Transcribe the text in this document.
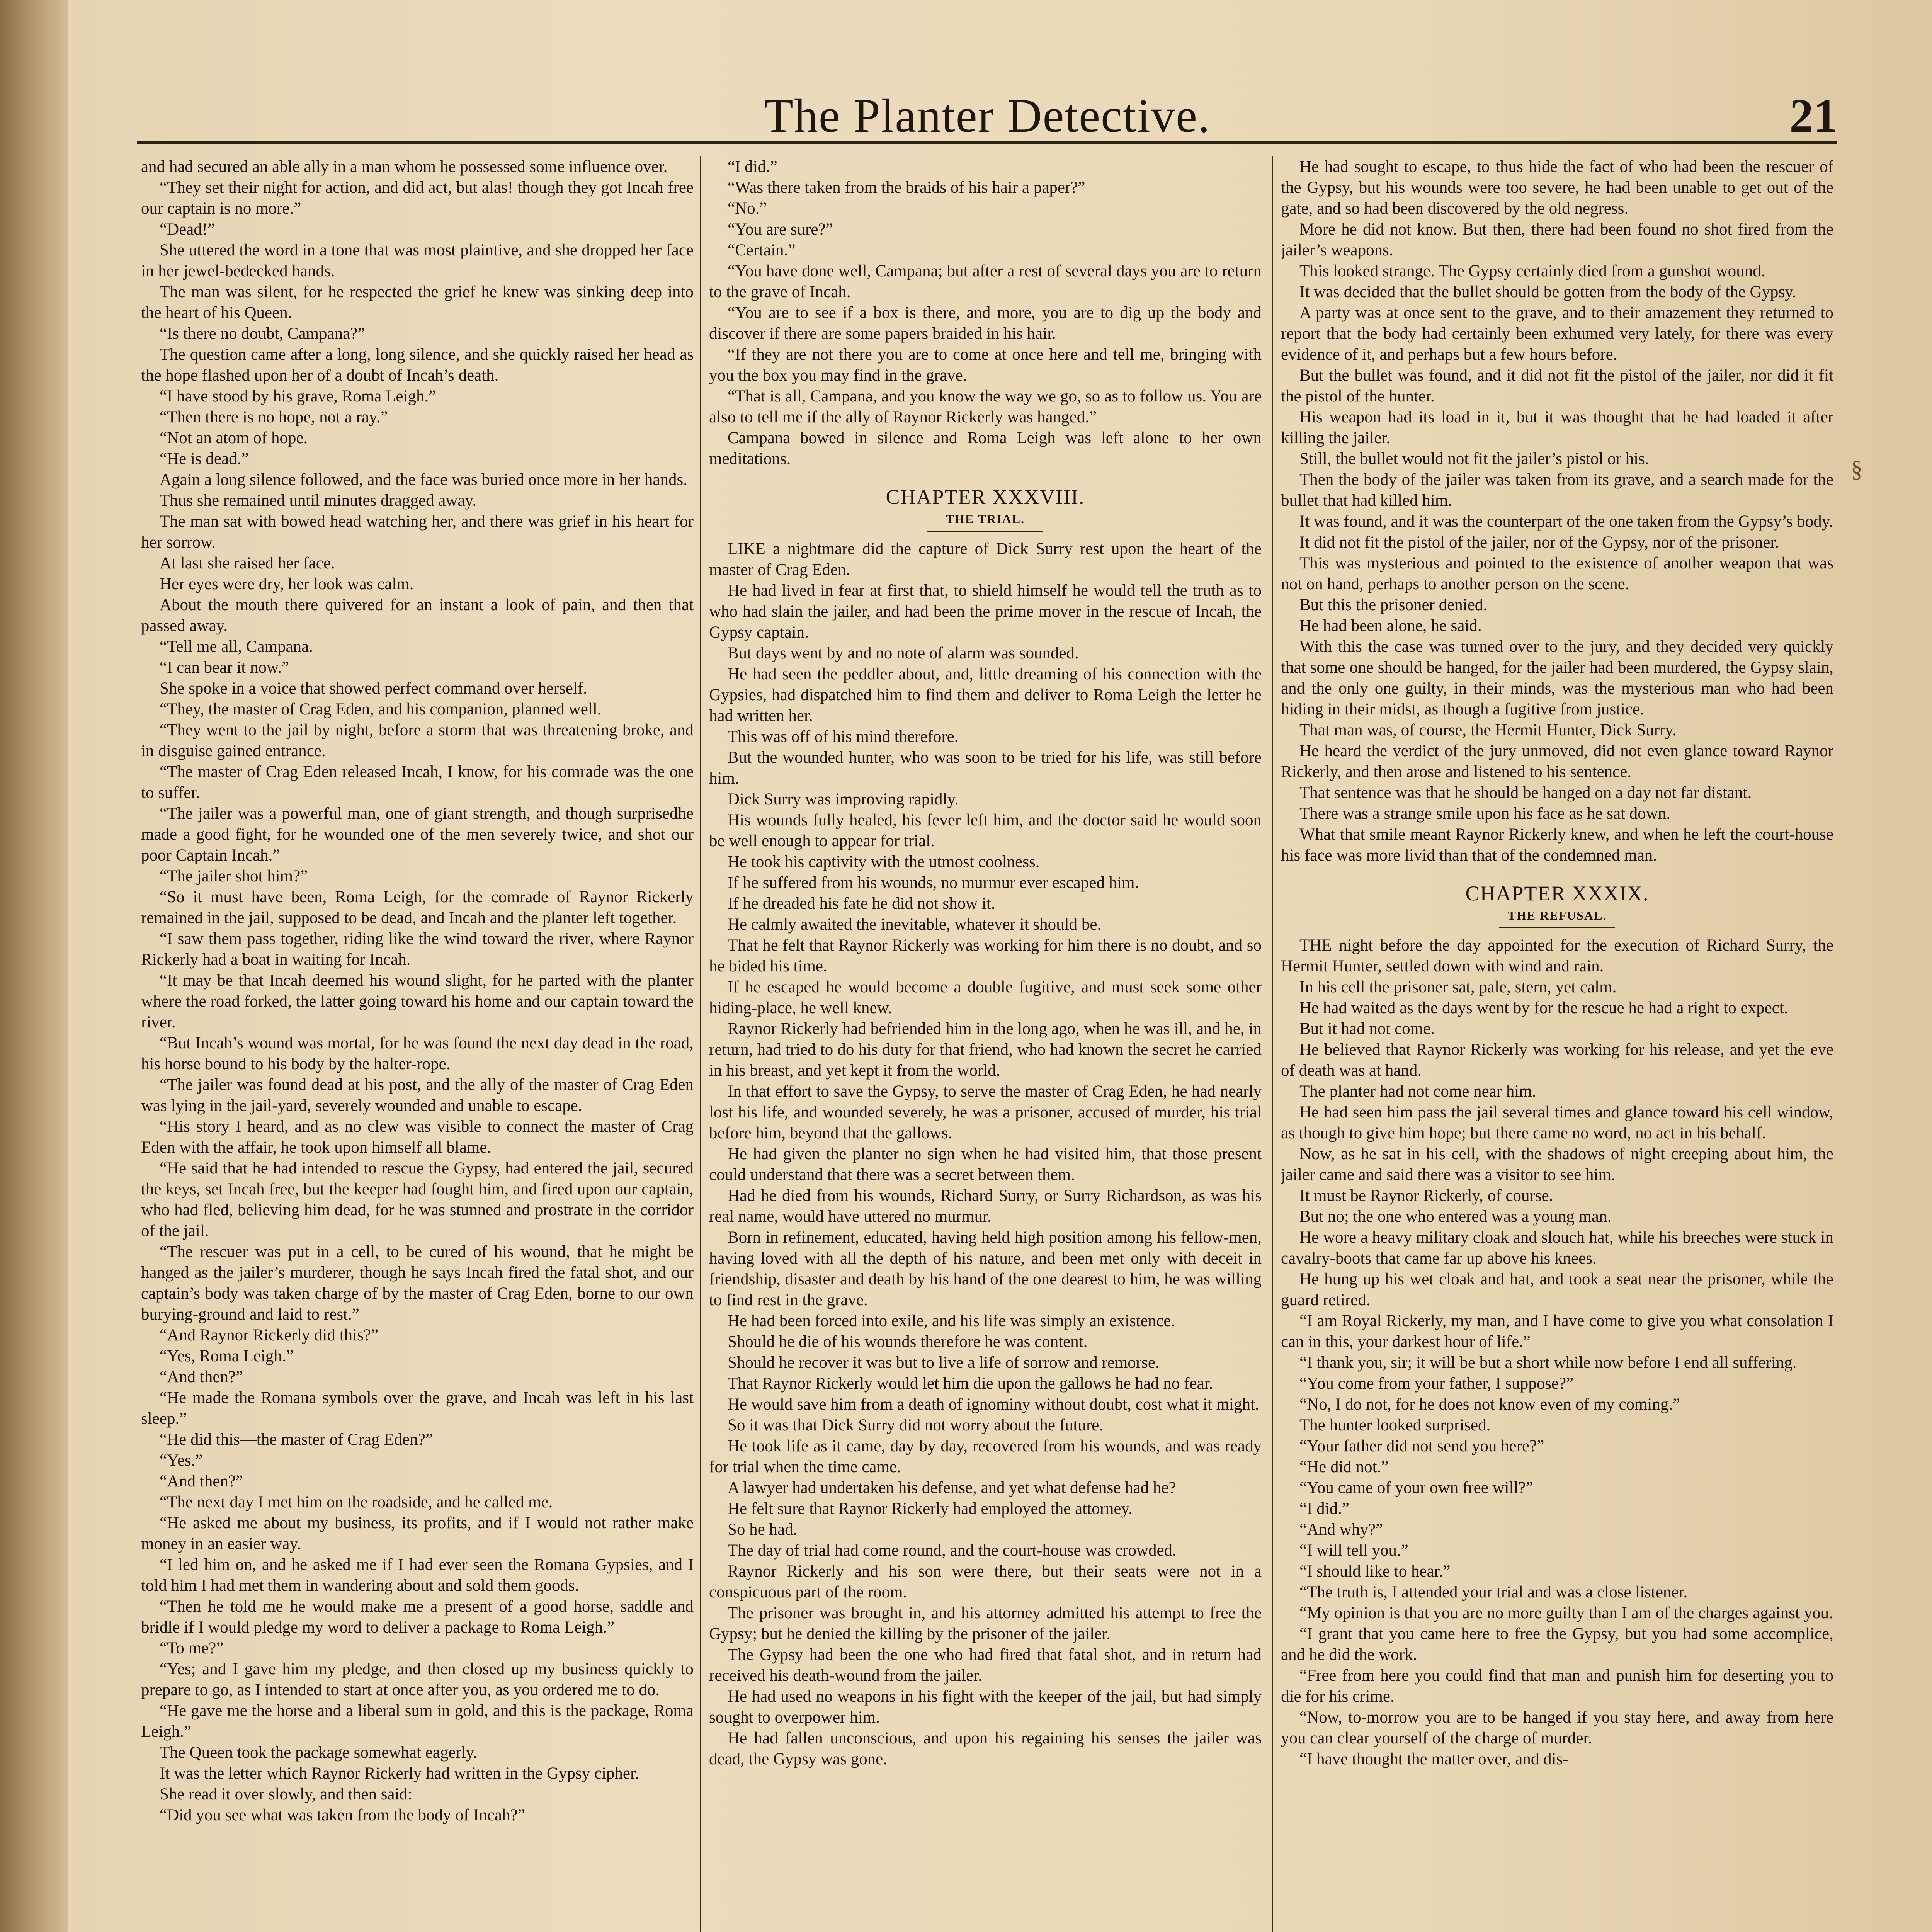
The Planter Detective.	21

and had secured an able ally in a man whom he possessed some influence over.

“They set their night for action, and did act, but alas! though they got Incah free our captain is no more.”

“Dead!”

She uttered the word in a tone that was most plaintive, and she dropped her face in her jewel-bedecked hands.

The man was silent, for he respected the grief he knew was sinking deep into the heart of his Queen.

“Is there no doubt, Campana?”

The question came after a long, long silence, and she quickly raised her head as the hope flashed upon her of a doubt of Incah’s death.

“I have stood by his grave, Roma Leigh.”

“Then there is no hope, not a ray.”

“Not an atom of hope.

“He is dead.”

Again a long silence followed, and the face was buried once more in her hands.

Thus she remained until minutes dragged away.

The man sat with bowed head watching her, and there was grief in his heart for her sorrow.

At last she raised her face.

Her eyes were dry, her look was calm.

About the mouth there quivered for an instant a look of pain, and then that passed away.

“Tell me all, Campana.

“I can bear it now.”

She spoke in a voice that showed perfect command over herself.

“They, the master of Crag Eden, and his companion, planned well.

“They went to the jail by night, before a storm that was threatening broke, and in disguise gained entrance.

“The master of Crag Eden released Incah, I know, for his comrade was the one to suffer.

“The jailer was a powerful man, one of giant strength, and though surprisedhe made a good fight, for he wounded one of the men severely twice, and shot our poor Captain Incah.”

“The jailer shot him?”

“So it must have been, Roma Leigh, for the comrade of Raynor Rickerly remained in the jail, supposed to be dead, and Incah and the planter left together.

“I saw them pass together, riding like the wind toward the river, where Raynor Rickerly had a boat in waiting for Incah.

“It may be that Incah deemed his wound slight, for he parted with the planter where the road forked, the latter going toward his home and our captain toward the river.

“But Incah’s wound was mortal, for he was found the next day dead in the road, his horse bound to his body by the halter-rope.

“The jailer was found dead at his post, and the ally of the master of Crag Eden was lying in the jail-yard, severely wounded and unable to escape.

“His story I heard, and as no clew was visible to connect the master of Crag Eden with the affair, he took upon himself all blame.

“He said that he had intended to rescue the Gypsy, had entered the jail, secured the keys, set Incah free, but the keeper had fought him, and fired upon our captain, who had fled, believing him dead, for he was stunned and prostrate in the corridor of the jail.

“The rescuer was put in a cell, to be cured of his wound, that he might be hanged as the jailer’s murderer, though he says Incah fired the fatal shot, and our captain’s body was taken charge of by the master of Crag Eden, borne to our own burying-ground and laid to rest.”

“And Raynor Rickerly did this?”

“Yes, Roma Leigh.”

“And then?”

“He made the Romana symbols over the grave, and Incah was left in his last sleep.”

“He did this—the master of Crag Eden?”

“Yes.”

“And then?”

“The next day I met him on the roadside, and he called me.

“He asked me about my business, its profits, and if I would not rather make money in an easier way.

“I led him on, and he asked me if I had ever seen the Romana Gypsies, and I told him I had met them in wandering about and sold them goods.

“Then he told me he would make me a present of a good horse, saddle and bridle if I would pledge my word to deliver a package to Roma Leigh.”

“To me?”

“Yes; and I gave him my pledge, and then closed up my business quickly to prepare to go, as I intended to start at once after you, as you ordered me to do.

“He gave me the horse and a liberal sum in gold, and this is the package, Roma Leigh.”

The Queen took the package somewhat eagerly.

It was the letter which Raynor Rickerly had written in the Gypsy cipher.

She read it over slowly, and then said:

“Did you see what was taken from the body of Incah?”

“I did.”

“Was there taken from the braids of his hair a paper?”

“No.”

“You are sure?”

“Certain.”

“You have done well, Campana; but after a rest of several days you are to return to the grave of Incah.

“You are to see if a box is there, and more, you are to dig up the body and discover if there are some papers braided in his hair.

“If they are not there you are to come at once here and tell me, bringing with you the box you may find in the grave.

“That is all, Campana, and you know the way we go, so as to follow us. You are also to tell me if the ally of Raynor Rickerly was hanged.”

Campana bowed in silence and Roma Leigh was left alone to her own meditations.

CHAPTER XXXVIII.
THE TRIAL.

LIKE a nightmare did the capture of Dick Surry rest upon the heart of the master of Crag Eden.

He had lived in fear at first that, to shield himself he would tell the truth as to who had slain the jailer, and had been the prime mover in the rescue of Incah, the Gypsy captain.

But days went by and no note of alarm was sounded.

He had seen the peddler about, and, little dreaming of his connection with the Gypsies, had dispatched him to find them and deliver to Roma Leigh the letter he had written her.

This was off of his mind therefore.

But the wounded hunter, who was soon to be tried for his life, was still before him.

Dick Surry was improving rapidly.

His wounds fully healed, his fever left him, and the doctor said he would soon be well enough to appear for trial.

He took his captivity with the utmost coolness.

If he suffered from his wounds, no murmur ever escaped him.

If he dreaded his fate he did not show it.

He calmly awaited the inevitable, whatever it should be.

That he felt that Raynor Rickerly was working for him there is no doubt, and so he bided his time.

If he escaped he would become a double fugitive, and must seek some other hiding-place, he well knew.

Raynor Rickerly had befriended him in the long ago, when he was ill, and he, in return, had tried to do his duty for that friend, who had known the secret he carried in his breast, and yet kept it from the world.

In that effort to save the Gypsy, to serve the master of Crag Eden, he had nearly lost his life, and wounded severely, he was a prisoner, accused of murder, his trial before him, beyond that the gallows.

He had given the planter no sign when he had visited him, that those present could understand that there was a secret between them.

Had he died from his wounds, Richard Surry, or Surry Richardson, as was his real name, would have uttered no murmur.

Born in refinement, educated, having held high position among his fellow-men, having loved with all the depth of his nature, and been met only with deceit in friendship, disaster and death by his hand of the one dearest to him, he was willing to find rest in the grave.

He had been forced into exile, and his life was simply an existence.

Should he die of his wounds therefore he was content.

Should he recover it was but to live a life of sorrow and remorse.

That Raynor Rickerly would let him die upon the gallows he had no fear.

He would save him from a death of ignominy without doubt, cost what it might.

So it was that Dick Surry did not worry about the future.

He took life as it came, day by day, recovered from his wounds, and was ready for trial when the time came.

A lawyer had undertaken his defense, and yet what defense had he?

He felt sure that Raynor Rickerly had employed the attorney.

So he had.

The day of trial had come round, and the court-house was crowded.

Raynor Rickerly and his son were there, but their seats were not in a conspicuous part of the room.

The prisoner was brought in, and his attorney admitted his attempt to free the Gypsy; but he denied the killing by the prisoner of the jailer.

The Gypsy had been the one who had fired that fatal shot, and in return had received his death-wound from the jailer.

He had used no weapons in his fight with the keeper of the jail, but had simply sought to overpower him.

He had fallen unconscious, and upon his regaining his senses the jailer was dead, the Gypsy was gone.

He had sought to escape, to thus hide the fact of who had been the rescuer of the Gypsy, but his wounds were too severe, he had been unable to get out of the gate, and so had been discovered by the old negress.

More he did not know. But then, there had been found no shot fired from the jailer’s weapons.

This looked strange. The Gypsy certainly died from a gunshot wound.

It was decided that the bullet should be gotten from the body of the Gypsy.

A party was at once sent to the grave, and to their amazement they returned to report that the body had certainly been exhumed very lately, for there was every evidence of it, and perhaps but a few hours before.

But the bullet was found, and it did not fit the pistol of the jailer, nor did it fit the pistol of the hunter.

His weapon had its load in it, but it was thought that he had loaded it after killing the jailer.

Still, the bullet would not fit the jailer’s pistol or his.

Then the body of the jailer was taken from its grave, and a search made for the bullet that had killed him.

It was found, and it was the counterpart of the one taken from the Gypsy’s body.

It did not fit the pistol of the jailer, nor of the Gypsy, nor of the prisoner.

This was mysterious and pointed to the existence of another weapon that was not on hand, perhaps to another person on the scene.

But this the prisoner denied.

He had been alone, he said.

With this the case was turned over to the jury, and they decided very quickly that some one should be hanged, for the jailer had been murdered, the Gypsy slain, and the only one guilty, in their minds, was the mysterious man who had been hiding in their midst, as though a fugitive from justice.

That man was, of course, the Hermit Hunter, Dick Surry.

He heard the verdict of the jury unmoved, did not even glance toward Raynor Rickerly, and then arose and listened to his sentence.

That sentence was that he should be hanged on a day not far distant.

There was a strange smile upon his face as he sat down.

What that smile meant Raynor Rickerly knew, and when he left the court-house his face was more livid than that of the condemned man.

CHAPTER XXXIX.
THE REFUSAL.

THE night before the day appointed for the execution of Richard Surry, the Hermit Hunter, settled down with wind and rain.

In his cell the prisoner sat, pale, stern, yet calm.

He had waited as the days went by for the rescue he had a right to expect.

But it had not come.

He believed that Raynor Rickerly was working for his release, and yet the eve of death was at hand.

The planter had not come near him.

He had seen him pass the jail several times and glance toward his cell window, as though to give him hope; but there came no word, no act in his behalf.

Now, as he sat in his cell, with the shadows of night creeping about him, the jailer came and said there was a visitor to see him.

It must be Raynor Rickerly, of course.

But no; the one who entered was a young man.

He wore a heavy military cloak and slouch hat, while his breeches were stuck in cavalry-boots that came far up above his knees.

He hung up his wet cloak and hat, and took a seat near the prisoner, while the guard retired.

“I am Royal Rickerly, my man, and I have come to give you what consolation I can in this, your darkest hour of life.”

“I thank you, sir; it will be but a short while now before I end all suffering.

“You come from your father, I suppose?”

“No, I do not, for he does not know even of my coming.”

The hunter looked surprised.

“Your father did not send you here?”

“He did not.”

“You came of your own free will?”

“I did.”

“And why?”

“I will tell you.”

“I should like to hear.”

“The truth is, I attended your trial and was a close listener.

“My opinion is that you are no more guilty than I am of the charges against you.

“I grant that you came here to free the Gypsy, but you had some accomplice, and he did the work.

“Free from here you could find that man and punish him for deserting you to die for his crime.

“Now, to-morrow you are to be hanged if you stay here, and away from here you can clear yourself of the charge of murder.

“I have thought the matter over, and dis-

§
